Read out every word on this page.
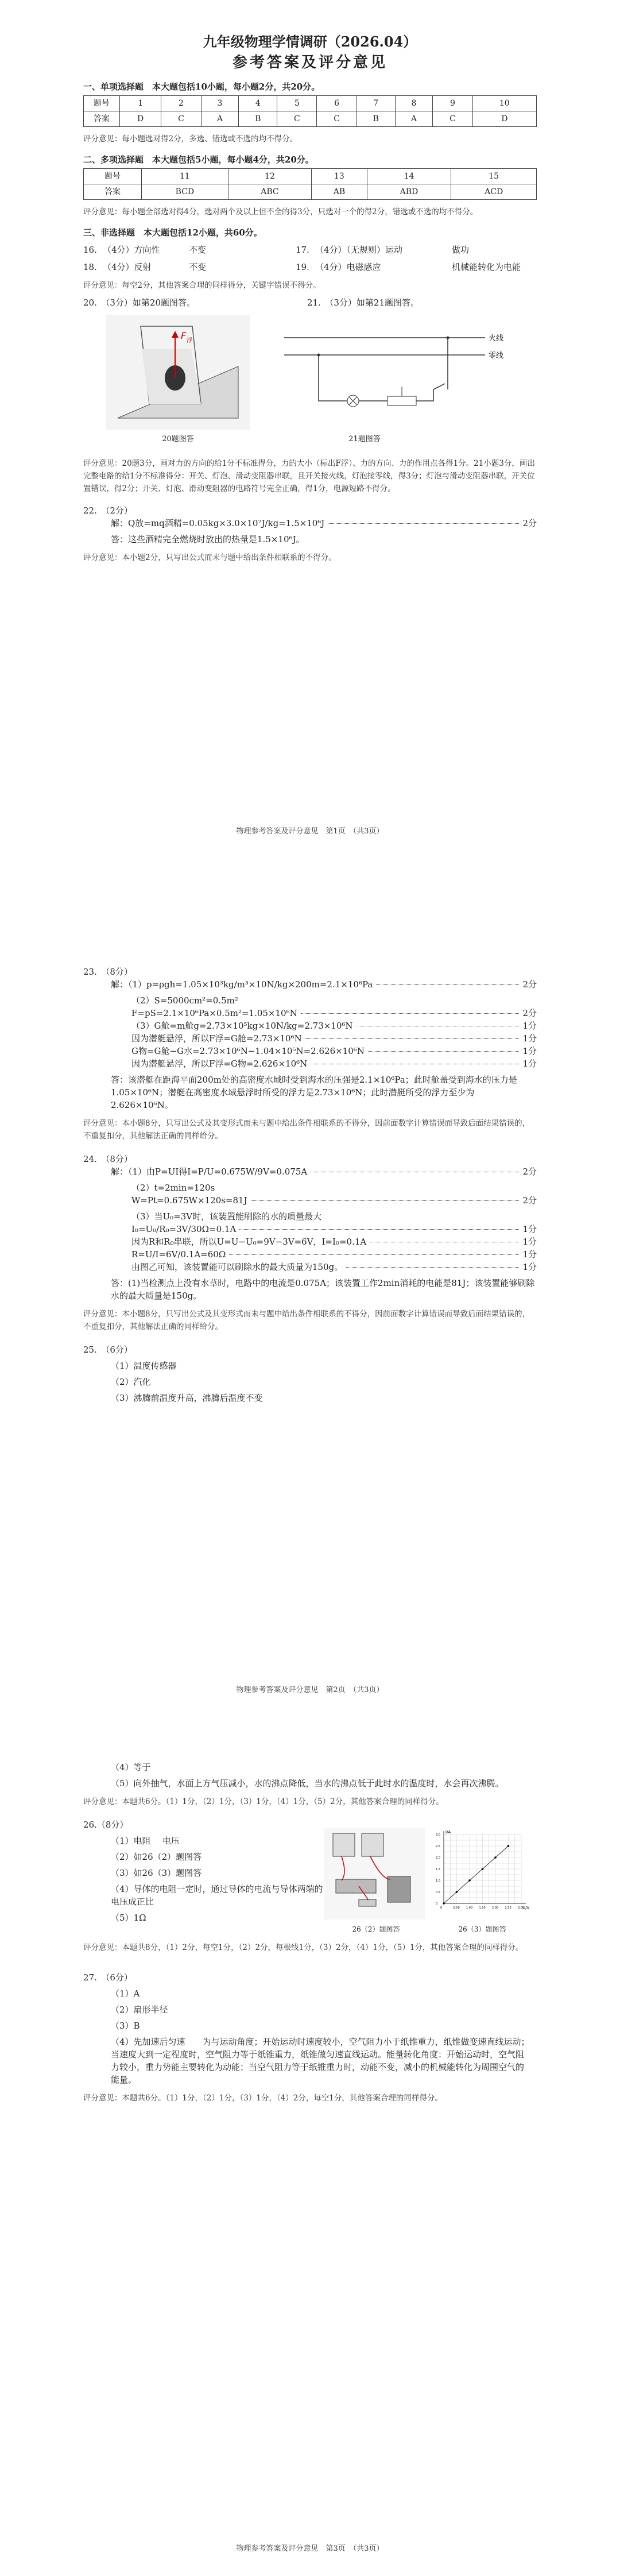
九年级物理学情调研（2026.04）
参考答案及评分意见
一、单项选择题　本大题包括10小题，每小题2分，共20分。
题号	1	2	3	4	5	6	7	8	9	10
答案	D	C	A	B	C	C	B	A	C	D
评分意见：每小题选对得2分，多选、错选或不选的均不得分。
二、多项选择题　本大题包括5小题，每小题4分，共20分。
题号	11	12	13	14	15
答案	BCD	ABC	AB	ABD	ACD
评分意见：每小题全部选对得4分，选对两个及以上但不全的得3分，只选对一个的得2分，错选或不选的均不得分。
三、非选择题　本大题包括12小题，共60分。
16. （4分）方向性	不变	17. （4分）（无规则）运动	做功
18. （4分）反射	不变	19. （4分）电磁感应	机械能转化为电能
评分意见：每空2分，其他答案合理的同样得分，关键字错误不得分。
20.　（3分）如第20题图答。	21.　（3分）如第21题图答。
F 浮
20题图答
火线
零线
21题图答
评分意见：20题3分，画对力的方向的给1分不标准得分，力的大小（标出F浮）、力的方向、力的作用点各得1分。21小题3分，画出完整电路的给1分不标准得分：开关、灯泡、滑动变阻器串联，且开关接火线，灯泡接零线，得3分；灯泡与滑动变阻器串联，开关位置错误，得2分；开关、灯泡、滑动变阻器的电路符号完全正确，得1分，电源短路不得分。
22.　（2分）
解：Q放=mq酒精=0.05kg×3.0×10⁷J/kg=1.5×10⁶J	2分
答：这些酒精完全燃烧时放出的热量是1.5×10⁶J。
评分意见：本小题2分，只写出公式而未与题中给出条件相联系的不得分。
物理参考答案及评分意见　第1页　（共3页）
23.　（8分）
解：（1）p=ρgh=1.05×10³kg/m³×10N/kg×200m=2.1×10⁶Pa	2分
（2）S=5000cm²=0.5m²
F=pS=2.1×10⁶Pa×0.5m²=1.05×10⁶N	2分
（3）G舱=m舱g=2.73×10⁵kg×10N/kg=2.73×10⁶N	1分
因为潜艇悬浮，所以F浮=G舱=2.73×10⁶N	1分
G物=G舱−G水=2.73×10⁶N−1.04×10⁵N=2.626×10⁶N	1分
因为潜艇悬浮，所以F浮=G物=2.626×10⁶N	1分
答：该潜艇在距海平面200m处的高密度水域时受到海水的压强是2.1×10⁶Pa；此时舱盖受到海水的压力是1.05×10⁶N；潜艇在高密度水域悬浮时所受的浮力是2.73×10⁶N；此时潜艇所受的浮力至少为2.626×10⁶N。
评分意见：本小题8分，只写出公式及其变形式而未与题中给出条件相联系的不得分，因前面数字计算错误而导致后面结果错误的，不重复扣分，其他解法正确的同样给分。
24.　（8分）
解：（1）由P=UI得I=P/U=0.675W/9V=0.075A	2分
（2）t=2min=120s
W=Pt=0.675W×120s=81J	2分
（3）当U₀=3V时，该装置能刷除的水的质量最大
I₀=U₀/R₀=3V/30Ω=0.1A	1分
因为R和R₀串联，所以U=U−U₀=9V−3V=6V，I=I₀=0.1A	1分
R=U/I=6V/0.1A=60Ω	1分
由图乙可知，该装置能可以刷除水的最大质量为150g。	1分
答：(1)当检测点上没有水草时，电路中的电流是0.075A；该装置工作2min消耗的电能是81J；该装置能够刷除水的最大质量是150g。
评分意见：本小题8分，只写出公式及其变形式而未与题中给出条件相联系的不得分，因前面数字计算错误而导致后面结果错误的，不重复扣分，其他解法正确的同样给分。
25.　（6分）
（1）温度传感器
（2）汽化
（3）沸腾前温度升高，沸腾后温度不变
物理参考答案及评分意见　第2页　（共3页）
（4）等于
（5）向外抽气，水面上方气压减小，水的沸点降低，当水的沸点低于此时水的温度时，水会再次沸腾。
评分意见：本题共6分。（1）1分，（2）1分，（3）1分，（4）1分，（5）2分，其他答案合理的同样得分。
26.（8分）
（1）电阻 电压
（2）如26（2）题图答
（3）如26（3）题图答
（4）导体的电阻一定时，通过导体的电流与导体两端的电压成正比
（5）1Ω
26（2）题图答
0	0.50 1.00 1.50 2.00 2.50 3.00
0
0.5
1.0
1.5
2.0
2.5
3.0
U/V
I/A
26（3）题图答
评分意见：本题共8分，（1）2分，每空1分，（2）2分，每根线1分，（3）2分，（4）1分，（5）1分，其他答案合理的同样得分。
27.　（6分）
（1）A
（2）扇形半径
（3）B
（4）先加速后匀速　　为与运动角度；开始运动时速度较小，空气阻力小于纸锥重力，纸锥做变速直线运动；当速度大到一定程度时，空气阻力等于纸锥重力，纸锥做匀速直线运动。能量转化角度：开始运动时，空气阻力较小，重力势能主要转化为动能；当空气阻力等于纸锥重力时，动能不变，减小的机械能转化为周围空气的能量。
评分意见：本题共6分。（1）1分，（2）1分，（3）1分，（4）2分，每空1分，其他答案合理的同样得分。
物理参考答案及评分意见　第3页　（共3页）
